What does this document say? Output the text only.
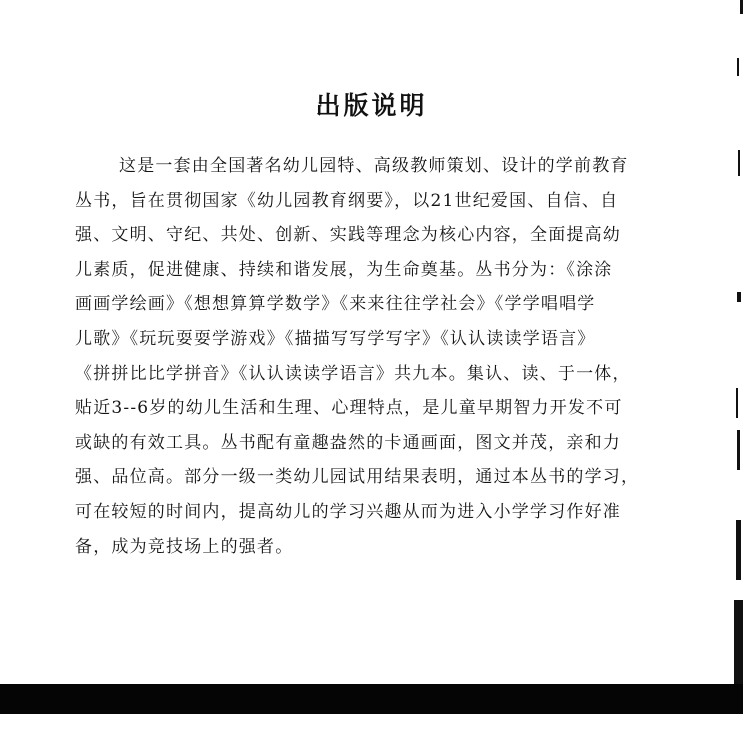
出版说明
这是一套由全国著名幼儿园特、高级教师策划、设计的学前教育
丛书，旨在贯彻国家《幼儿园教育纲要》，以21世纪爱国、自信、自
强、文明、守纪、共处、创新、实践等理念为核心内容，全面提高幼
儿素质，促进健康、持续和谐发展，为生命奠基。丛书分为：《涂涂
画画学绘画》《想想算算学数学》《来来往往学社会》《学学唱唱学
儿歌》《玩玩耍耍学游戏》《描描写写学写字》《认认读读学语言》
《拼拼比比学拼音》《认认读读学语言》共九本。集认、读、于一体，
贴近3--6岁的幼儿生活和生理、心理特点，是儿童早期智力开发不可
或缺的有效工具。丛书配有童趣盎然的卡通画面，图文并茂，亲和力
强、品位高。部分一级一类幼儿园试用结果表明，通过本丛书的学习，
可在较短的时间内，提高幼儿的学习兴趣从而为进入小学学习作好准
备，成为竞技场上的强者。
